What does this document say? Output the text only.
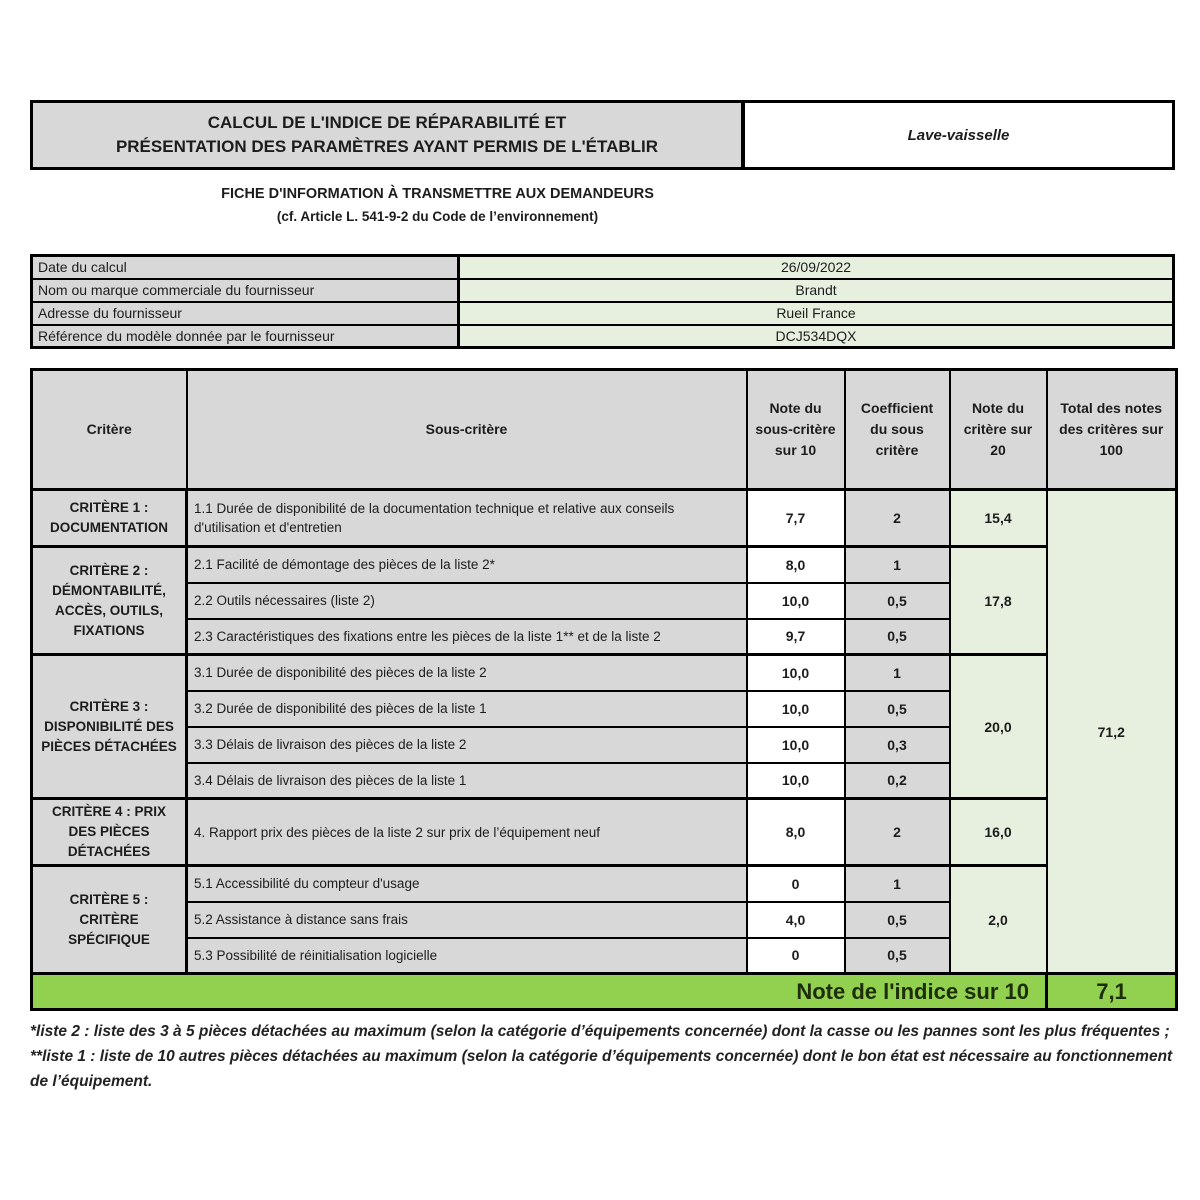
CALCUL DE L'INDICE DE RÉPARABILITÉ ET
PRÉSENTATION DES PARAMÈTRES AYANT PERMIS DE L'ÉTABLIR
Lave-vaisselle
FICHE D'INFORMATION À TRANSMETTRE AUX DEMANDEURS
(cf. Article L. 541-9-2 du Code de l’environnement)
Date du calcul	26/09/2022
Nom ou marque commerciale du fournisseur	Brandt
Adresse du fournisseur	Rueil France
Référence du modèle donnée par le fournisseur	DCJ534DQX
Critère	Sous-critère	Note du sous-critère sur 10	Coefficient du sous critère	Note du critère sur 20	Total des notes des critères sur 100
CRITÈRE 1 : DOCUMENTATION	1.1 Durée de disponibilité de la documentation technique et relative aux conseils d'utilisation et d'entretien	7,7	2	15,4	71,2
CRITÈRE 2 : DÉMONTABILITÉ, ACCÈS, OUTILS, FIXATIONS	2.1 Facilité de démontage des pièces de la liste 2*	8,0	1	17,8	
	2.2 Outils nécessaires (liste 2)	10,0	0,5		
	2.3 Caractéristiques des fixations entre les pièces de la liste 1** et de la liste 2	9,7	0,5		
CRITÈRE 3 : DISPONIBILITÉ DES PIÈCES DÉTACHÉES	3.1 Durée de disponibilité des pièces de la liste 2	10,0	1	20,0	
	3.2 Durée de disponibilité des pièces de la liste 1	10,0	0,5		
	3.3 Délais de livraison des pièces de la liste 2	10,0	0,3		
	3.4 Délais de livraison des pièces de la liste 1	10,0	0,2		
CRITÈRE 4 : PRIX DES PIÈCES DÉTACHÉES	4. Rapport prix des pièces de la liste 2 sur prix de l’équipement neuf	8,0	2	16,0	
CRITÈRE 5 : CRITÈRE SPÉCIFIQUE	5.1 Accessibilité du compteur d'usage	0	1	2,0	
	5.2 Assistance à distance sans frais	4,0	0,5		
	5.3 Possibilité de réinitialisation logicielle	0	0,5		
Note de l'indice sur 10					7,1

*liste 2 : liste des 3 à 5 pièces détachées au maximum (selon la catégorie d’équipements concernée) dont la casse ou les pannes sont les plus fréquentes ;

**liste 1 : liste de 10 autres pièces détachées au maximum (selon la catégorie d’équipements concernée) dont le bon état est nécessaire au fonctionnement de l’équipement.
